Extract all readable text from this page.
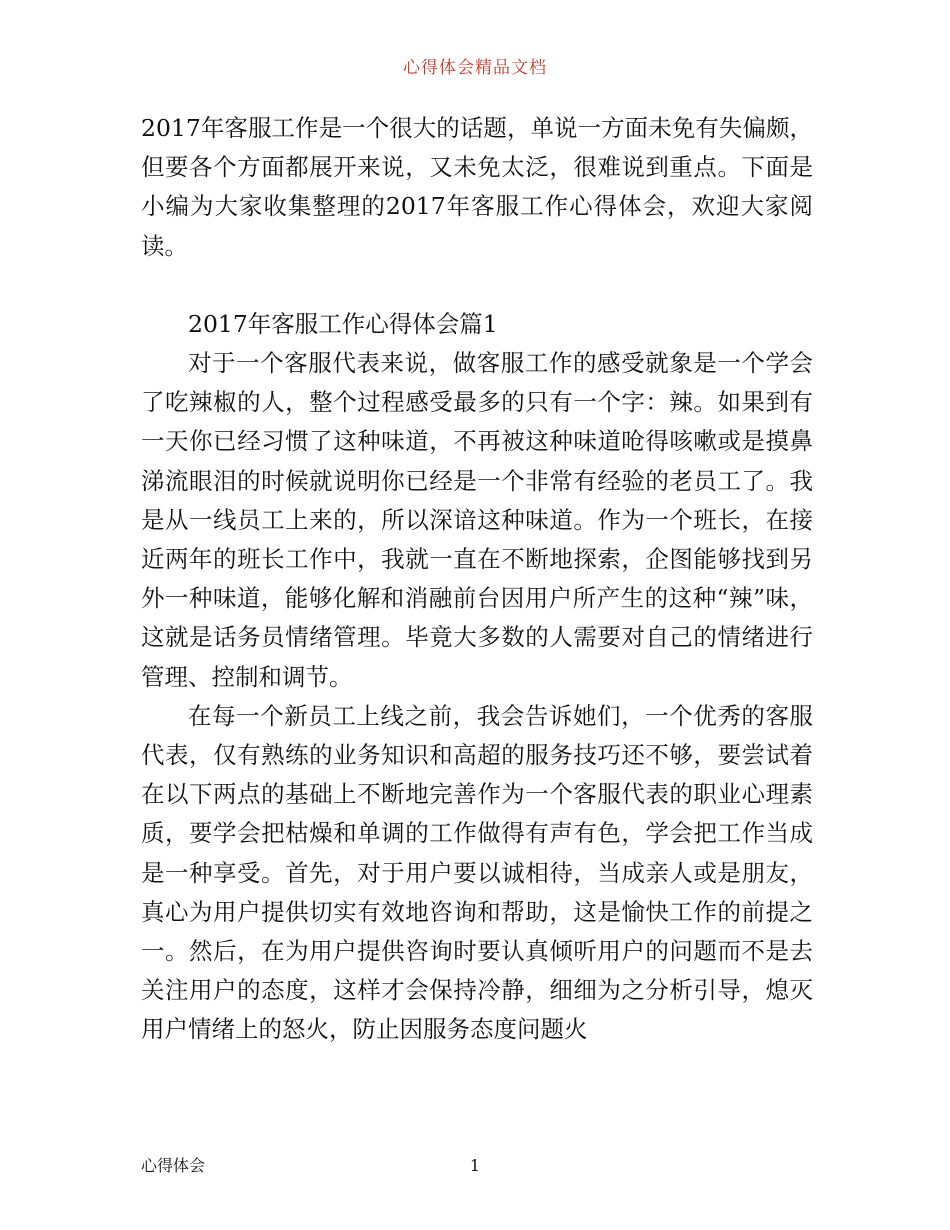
心得体会精品文档

2017年客服工作是一个很大的话题，单说一方面未免有失偏颇，但要各个方面都展开来说，又未免太泛，很难说到重点。下面是小编为大家收集整理的2017年客服工作心得体会，欢迎大家阅读。

2017年客服工作心得体会篇1

对于一个客服代表来说，做客服工作的感受就象是一个学会了吃辣椒的人，整个过程感受最多的只有一个字：辣。如果到有一天你已经习惯了这种味道，不再被这种味道呛得咳嗽或是摸鼻涕流眼泪的时候就说明你已经是一个非常有经验的老员工了。我是从一线员工上来的，所以深谙这种味道。作为一个班长，在接近两年的班长工作中，我就一直在不断地探索，企图能够找到另外一种味道，能够化解和消融前台因用户所产生的这种“辣”味，这就是话务员情绪管理。毕竟大多数的人需要对自己的情绪进行管理、控制和调节。

在每一个新员工上线之前，我会告诉她们，一个优秀的客服代表，仅有熟练的业务知识和高超的服务技巧还不够，要尝试着在以下两点的基础上不断地完善作为一个客服代表的职业心理素质，要学会把枯燥和单调的工作做得有声有色，学会把工作当成是一种享受。首先，对于用户要以诚相待，当成亲人或是朋友，真心为用户提供切实有效地咨询和帮助，这是愉快工作的前提之一。然后，在为用户提供咨询时要认真倾听用户的问题而不是去关注用户的态度，这样才会保持冷静，细细为之分析引导，熄灭用户情绪上的怒火，防止因服务态度问题火

心得体会	1
